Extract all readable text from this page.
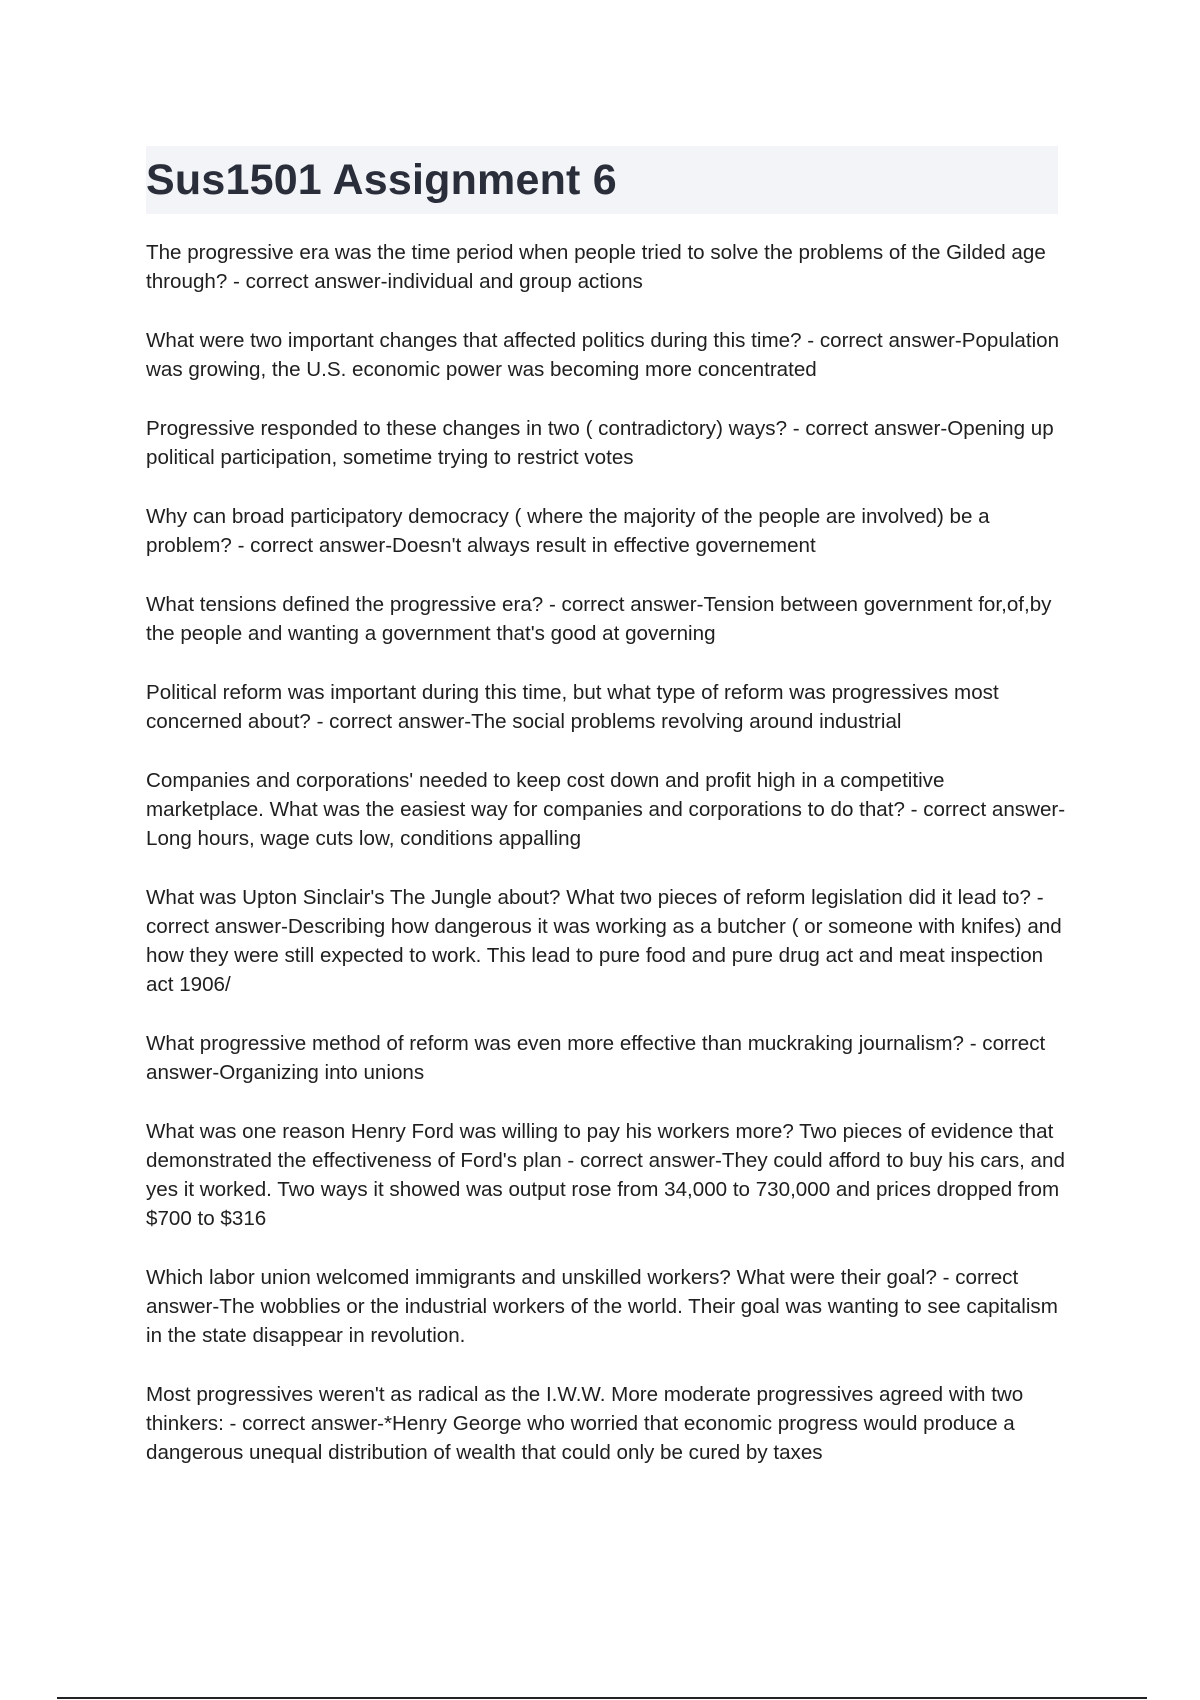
Sus1501 Assignment 6

The progressive era was the time period when people tried to solve the problems of the Gilded age through? - correct answer-individual and group actions

What were two important changes that affected politics during this time? - correct answer-Population was growing, the U.S. economic power was becoming more concentrated

Progressive responded to these changes in two ( contradictory) ways? - correct answer-Opening up political participation, sometime trying to restrict votes

Why can broad participatory democracy ( where the majority of the people are involved) be a problem? - correct answer-Doesn't always result in effective governement

What tensions defined the progressive era? - correct answer-Tension between government for,of,by the people and wanting a government that's good at governing

Political reform was important during this time, but what type of reform was progressives most concerned about? - correct answer-The social problems revolving around industrial

Companies and corporations' needed to keep cost down and profit high in a competitive marketplace. What was the easiest way for companies and corporations to do that? - correct answer-Long hours, wage cuts low, conditions appalling

What was Upton Sinclair's The Jungle about? What two pieces of reform legislation did it lead to? - correct answer-Describing how dangerous it was working as a butcher ( or someone with knifes) and how they were still expected to work. This lead to pure food and pure drug act and meat inspection act 1906/

What progressive method of reform was even more effective than muckraking journalism? - correct answer-Organizing into unions

What was one reason Henry Ford was willing to pay his workers more? Two pieces of evidence that demonstrated the effectiveness of Ford's plan - correct answer-They could afford to buy his cars, and yes it worked. Two ways it showed was output rose from 34,000 to 730,000 and prices dropped from $700 to $316

Which labor union welcomed immigrants and unskilled workers? What were their goal? - correct answer-The wobblies or the industrial workers of the world. Their goal was wanting to see capitalism in the state disappear in revolution.

Most progressives weren't as radical as the I.W.W. More moderate progressives agreed with two thinkers: - correct answer-*Henry George who worried that economic progress would produce a dangerous unequal distribution of wealth that could only be cured by taxes
